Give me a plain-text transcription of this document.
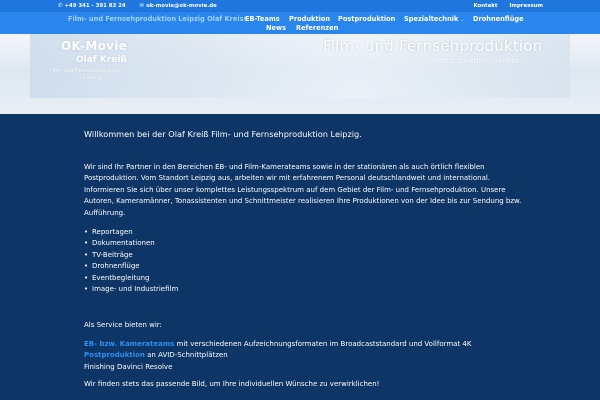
✆ +49 341 - 391 83 24	✉ ok-movie@ok-movie.de	Kontakt Impressum
Film- und Fernsehproduktion Leipzig Olaf Kreiss
EB-Teams Produktion Postproduktion Spezialtechnik ⌄ Drohnenflüge
News Referenzen
OK-Movie
Olaf Kreiß
Film- und Fernsehproduktion
Leipzig
Film- und Fernsehproduktion
Produktion · Kamerateams · Postproduktion · Service

Willkommen bei der Olaf Kreiß Film- und Fernsehproduktion Leipzig.

Wir sind Ihr Partner in den Bereichen EB- und Film-Kamerateams sowie in der stationären als auch örtlich flexiblen Postproduktion. Vom Standort Leipzig aus, arbeiten wir mit erfahrenem Personal deutschlandweit und international. Informieren Sie sich über unser komplettes Leistungsspektrum auf dem Gebiet der Film- und Fernsehproduktion. Unsere Autoren, Kameramänner, Tonassistenten und Schnittmeister realisieren Ihre Produktionen von der Idee bis zur Sendung bzw. Aufführung.

• Reportagen
• Dokumentationen
• TV-Beiträge
• Drohnenflüge
• Eventbegleitung
• Image- und Industriefilm

Als Service bieten wir:

EB- bzw. Kamerateams mit verschiedenen Aufzeichnungsformaten im Broadcaststandard und Vollformat 4K
Postproduktion an AVID-Schnittplätzen
Finishing Davinci Resolve

Wir finden stets das passende Bild, um Ihre individuellen Wünsche zu verwirklichen!
